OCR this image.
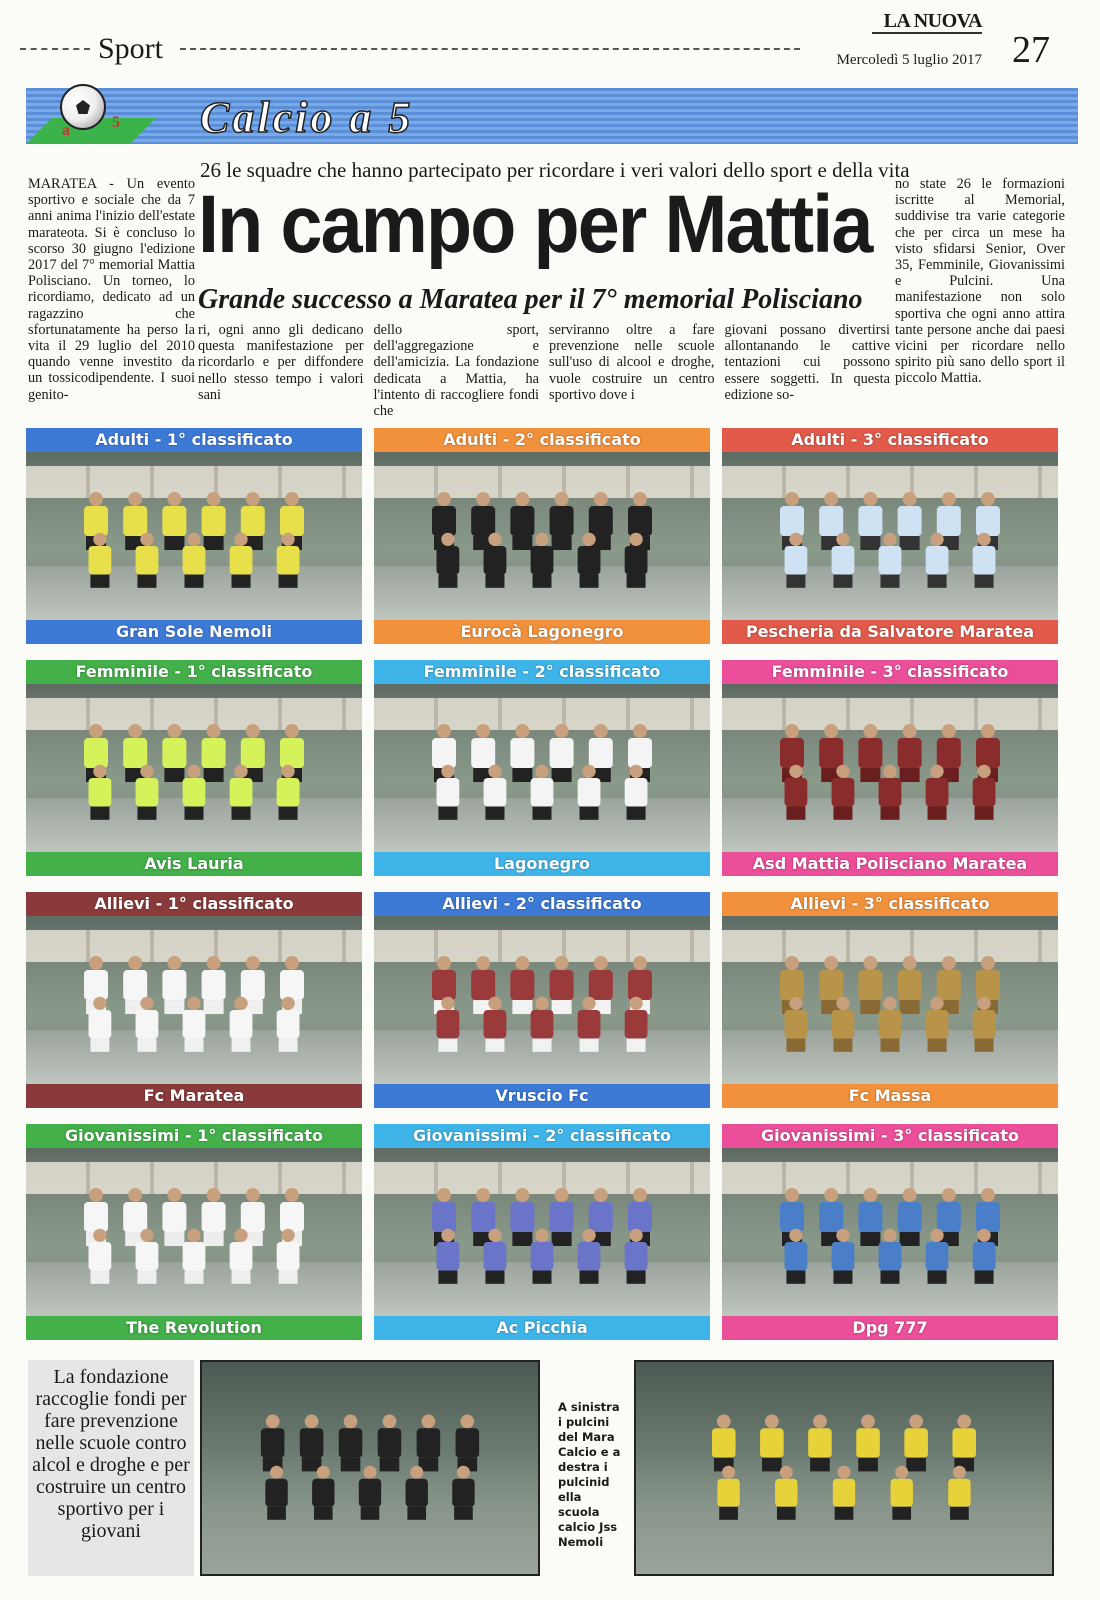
Sport
LA NUOVA
Mercoledì 5 luglio 2017 27
a	5 Calcio a 5
MARATEA - Un evento sportivo e sociale che da 7 anni anima l'inizio dell'estate marateota. Si è concluso lo scorso 30 giugno l'edizione 2017 del 7° memorial Mattia Polisciano. Un torneo, lo ricordiamo, dedicato ad un ragazzino che sfortunatamente ha perso la vita il 29 luglio del 2010 quando venne investito da un tossicodipendente. I suoi genito-
26 le squadre che hanno partecipato per ricordare i veri valori dello sport e della vita
In campo per Mattia
Grande successo a Maratea per il 7° memorial Polisciano
ri, ogni anno gli dedicano questa manifestazione per ricordarlo e per diffondere nello stesso tempo i valori sani
dello sport, dell'aggregazione e dell'amicizia. La fondazione dedicata a Mattia, ha l'intento di raccogliere fondi che
serviranno oltre a fare prevenzione nelle scuole sull'uso di alcool e droghe, vuole costruire un centro sportivo dove i
giovani possano divertirsi allontanando le cattive tentazioni cui possono essere soggetti. In questa edizione so-
no state 26 le formazioni iscritte al Memorial, suddivise tra varie categorie che per circa un mese ha visto sfidarsi Senior, Over 35, Femminile, Giovanissimi e Pulcini. Una manifestazione non solo sportiva che ogni anno attira tante persone anche dai paesi vicini per ricordare nello spirito più sano dello sport il piccolo Mattia.
Adulti - 1° classificato
Gran Sole Nemoli
Adulti - 2° classificato
Eurocà Lagonegro
Adulti - 3° classificato
Pescheria da Salvatore Maratea
Femminile - 1° classificato
Avis Lauria
Femminile - 2° classificato
Lagonegro
Femminile - 3° classificato
Asd Mattia Polisciano Maratea
Allievi - 1° classificato
Fc Maratea
Allievi - 2° classificato
Vruscio Fc
Allievi - 3° classificato
Fc Massa
Giovanissimi - 1° classificato
The Revolution
Giovanissimi - 2° classificato
Ac Picchia
Giovanissimi - 3° classificato
Dpg 777
La fondazione raccoglie fondi per fare prevenzione nelle scuole contro alcol e droghe e per costruire un centro sportivo per i giovani
A sinistra i pulcini del Mara Calcio e a destra i pulcinid ella scuola calcio Jss Nemoli
